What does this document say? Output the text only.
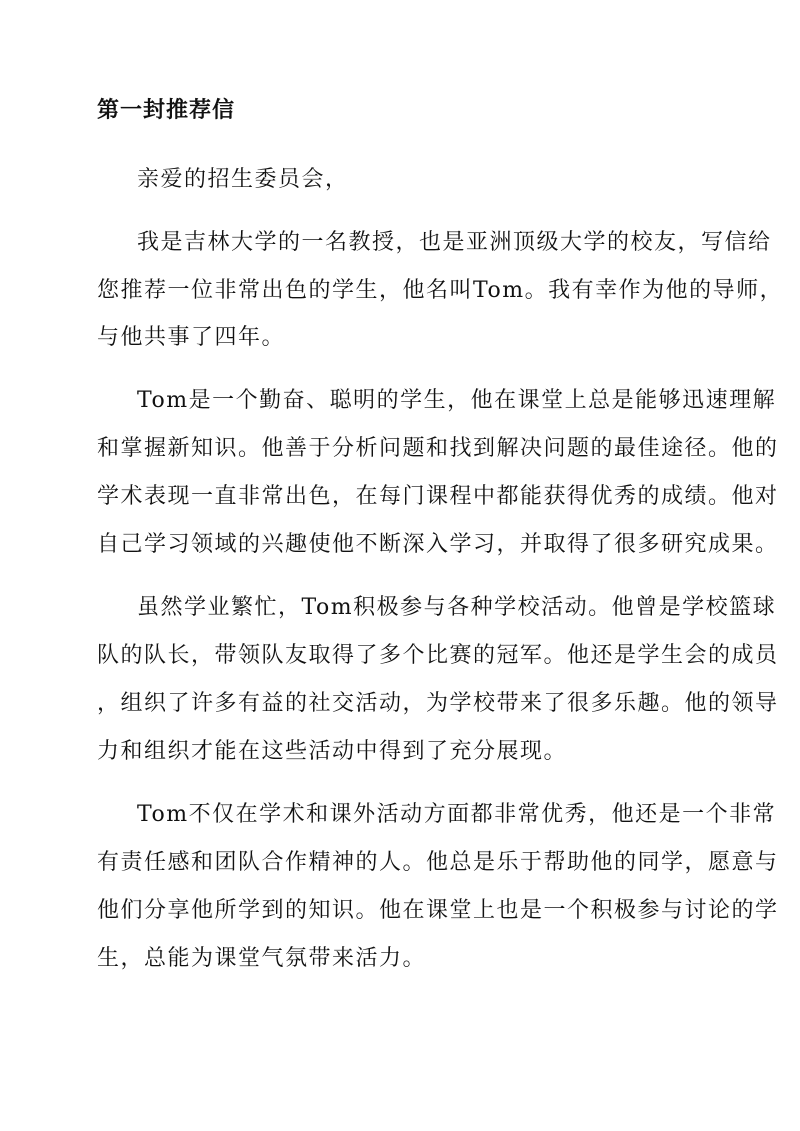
第一封推荐信
亲爱的招生委员会，
我是吉林大学的一名教授，也是亚洲顶级大学的校友，写信给
您推荐一位非常出色的学生，他名叫Tom。我有幸作为他的导师，
与他共事了四年。
Tom是一个勤奋、聪明的学生，他在课堂上总是能够迅速理解
和掌握新知识。他善于分析问题和找到解决问题的最佳途径。他的
学术表现一直非常出色，在每门课程中都能获得优秀的成绩。他对
自己学习领域的兴趣使他不断深入学习，并取得了很多研究成果。
虽然学业繁忙，Tom积极参与各种学校活动。他曾是学校篮球
队的队长，带领队友取得了多个比赛的冠军。他还是学生会的成员
，组织了许多有益的社交活动，为学校带来了很多乐趣。他的领导
力和组织才能在这些活动中得到了充分展现。
Tom不仅在学术和课外活动方面都非常优秀，他还是一个非常
有责任感和团队合作精神的人。他总是乐于帮助他的同学，愿意与
他们分享他所学到的知识。他在课堂上也是一个积极参与讨论的学
生，总能为课堂气氛带来活力。
